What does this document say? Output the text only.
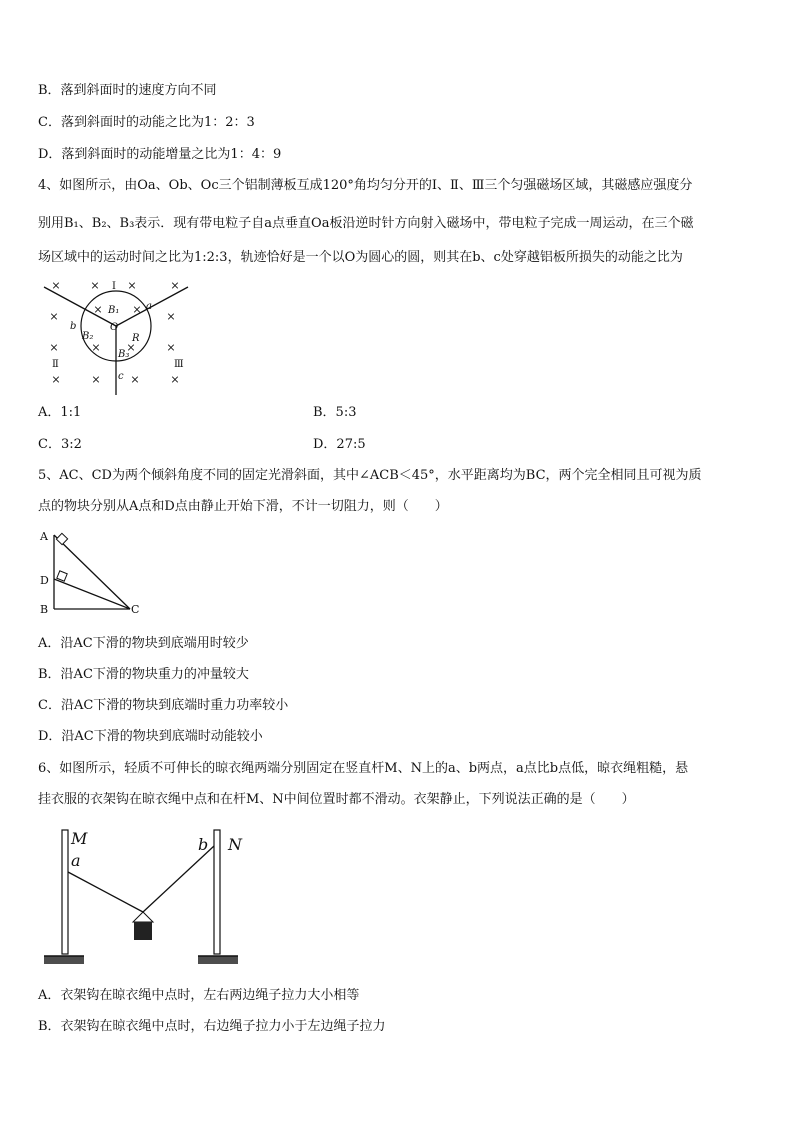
B．落到斜面时的速度方向不同
C．落到斜面时的动能之比为1：2：3
D．落到斜面时的动能增量之比为1：4：9
4、如图所示，由Oa、Ob、Oc三个铝制薄板互成120°角均匀分开的Ⅰ、Ⅱ、Ⅲ三个匀强磁场区域，其磁感应强度分
别用B₁、B₂、B₃表示．现有带电粒子自a点垂直Oa板沿逆时针方向射入磁场中，带电粒子完成一周运动，在三个磁
场区域中的运动时间之比为1:2:3，轨迹恰好是一个以O为圆心的圆，则其在b、c处穿越铝板所损失的动能之比为
×	×	×	×
×	×
×	×
×	× ×	×
×	×	×	×
Ⅰ
Ⅱ	Ⅲ
B₁
B₂
B₃
O
R
a
b
c
A．1:1	B．5:3
C．3:2	D．27:5
5、AC、CD为两个倾斜角度不同的固定光滑斜面，其中∠ACB＜45°，水平距离均为BC，两个完全相同且可视为质
点的物块分别从A点和D点由静止开始下滑，不计一切阻力，则（　　）
A
D
B	C
A．沿AC下滑的物块到底端用时较少
B．沿AC下滑的物块重力的冲量较大
C．沿AC下滑的物块到底端时重力功率较小
D．沿AC下滑的物块到底端时动能较小
6、如图所示，轻质不可伸长的晾衣绳两端分别固定在竖直杆M、N上的a、b两点，a点比b点低，晾衣绳粗糙，悬
挂衣服的衣架钩在晾衣绳中点和在杆M、N中间位置时都不滑动。衣架静止，下列说法正确的是（　　）
M
a
b N
A．衣架钩在晾衣绳中点时，左右两边绳子拉力大小相等
B．衣架钩在晾衣绳中点时，右边绳子拉力小于左边绳子拉力
